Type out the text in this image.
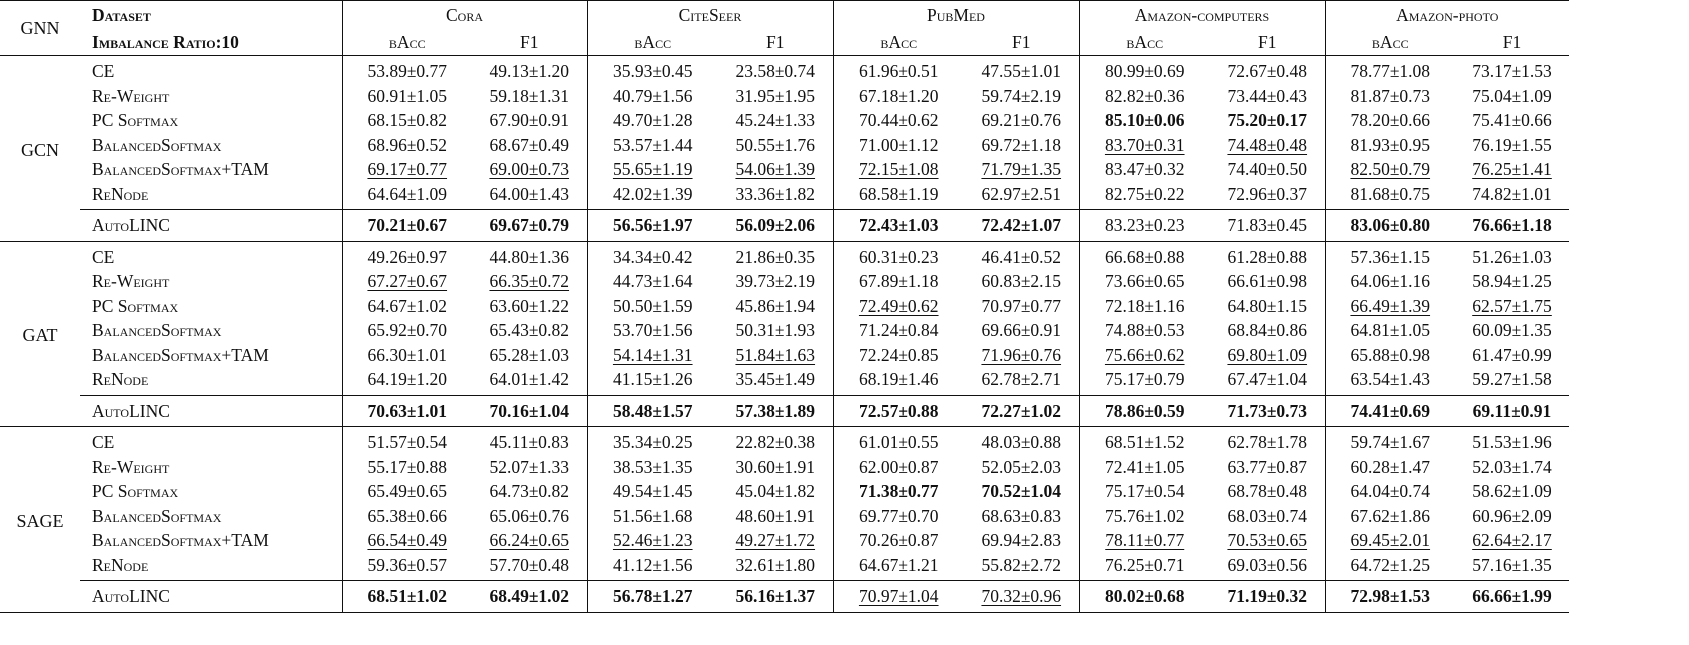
GNN	Dataset	Cora		CiteSeer		PubMed		Amazon-computers		Amazon-photo	
	Imbalance Ratio:10	bAcc	F1	bAcc	F1	bAcc	F1	bAcc	F1	bAcc	F1
GCN	CE	53.89±0.77	49.13±1.20	35.93±0.45	23.58±0.74	61.96±0.51	47.55±1.01	80.99±0.69	72.67±0.48	78.77±1.08	73.17±1.53
	Re-Weight	60.91±1.05	59.18±1.31	40.79±1.56	31.95±1.95	67.18±1.20	59.74±2.19	82.82±0.36	73.44±0.43	81.87±0.73	75.04±1.09
	PC Softmax	68.15±0.82	67.90±0.91	49.70±1.28	45.24±1.33	70.44±0.62	69.21±0.76	85.10±0.06	75.20±0.17	78.20±0.66	75.41±0.66
	BalancedSoftmax	68.96±0.52	68.67±0.49	53.57±1.44	50.55±1.76	71.00±1.12	69.72±1.18	83.70±0.31	74.48±0.48	81.93±0.95	76.19±1.55
	BalancedSoftmax+TAM	69.17±0.77	69.00±0.73	55.65±1.19	54.06±1.39	72.15±1.08	71.79±1.35	83.47±0.32	74.40±0.50	82.50±0.79	76.25±1.41
	ReNode	64.64±1.09	64.00±1.43	42.02±1.39	33.36±1.82	68.58±1.19	62.97±2.51	82.75±0.22	72.96±0.37	81.68±0.75	74.82±1.01
	AutoLINC	70.21±0.67	69.67±0.79	56.56±1.97	56.09±2.06	72.43±1.03	72.42±1.07	83.23±0.23	71.83±0.45	83.06±0.80	76.66±1.18
GAT	CE	49.26±0.97	44.80±1.36	34.34±0.42	21.86±0.35	60.31±0.23	46.41±0.52	66.68±0.88	61.28±0.88	57.36±1.15	51.26±1.03
	Re-Weight	67.27±0.67	66.35±0.72	44.73±1.64	39.73±2.19	67.89±1.18	60.83±2.15	73.66±0.65	66.61±0.98	64.06±1.16	58.94±1.25
	PC Softmax	64.67±1.02	63.60±1.22	50.50±1.59	45.86±1.94	72.49±0.62	70.97±0.77	72.18±1.16	64.80±1.15	66.49±1.39	62.57±1.75
	BalancedSoftmax	65.92±0.70	65.43±0.82	53.70±1.56	50.31±1.93	71.24±0.84	69.66±0.91	74.88±0.53	68.84±0.86	64.81±1.05	60.09±1.35
	BalancedSoftmax+TAM	66.30±1.01	65.28±1.03	54.14±1.31	51.84±1.63	72.24±0.85	71.96±0.76	75.66±0.62	69.80±1.09	65.88±0.98	61.47±0.99
	ReNode	64.19±1.20	64.01±1.42	41.15±1.26	35.45±1.49	68.19±1.46	62.78±2.71	75.17±0.79	67.47±1.04	63.54±1.43	59.27±1.58
	AutoLINC	70.63±1.01	70.16±1.04	58.48±1.57	57.38±1.89	72.57±0.88	72.27±1.02	78.86±0.59	71.73±0.73	74.41±0.69	69.11±0.91
SAGE	CE	51.57±0.54	45.11±0.83	35.34±0.25	22.82±0.38	61.01±0.55	48.03±0.88	68.51±1.52	62.78±1.78	59.74±1.67	51.53±1.96
	Re-Weight	55.17±0.88	52.07±1.33	38.53±1.35	30.60±1.91	62.00±0.87	52.05±2.03	72.41±1.05	63.77±0.87	60.28±1.47	52.03±1.74
	PC Softmax	65.49±0.65	64.73±0.82	49.54±1.45	45.04±1.82	71.38±0.77	70.52±1.04	75.17±0.54	68.78±0.48	64.04±0.74	58.62±1.09
	BalancedSoftmax	65.38±0.66	65.06±0.76	51.56±1.68	48.60±1.91	69.77±0.70	68.63±0.83	75.76±1.02	68.03±0.74	67.62±1.86	60.96±2.09
	BalancedSoftmax+TAM	66.54±0.49	66.24±0.65	52.46±1.23	49.27±1.72	70.26±0.87	69.94±2.83	78.11±0.77	70.53±0.65	69.45±2.01	62.64±2.17
	ReNode	59.36±0.57	57.70±0.48	41.12±1.56	32.61±1.80	64.67±1.21	55.82±2.72	76.25±0.71	69.03±0.56	64.72±1.25	57.16±1.35
	AutoLINC	68.51±1.02	68.49±1.02	56.78±1.27	56.16±1.37	70.97±1.04	70.32±0.96	80.02±0.68	71.19±0.32	72.98±1.53	66.66±1.99
